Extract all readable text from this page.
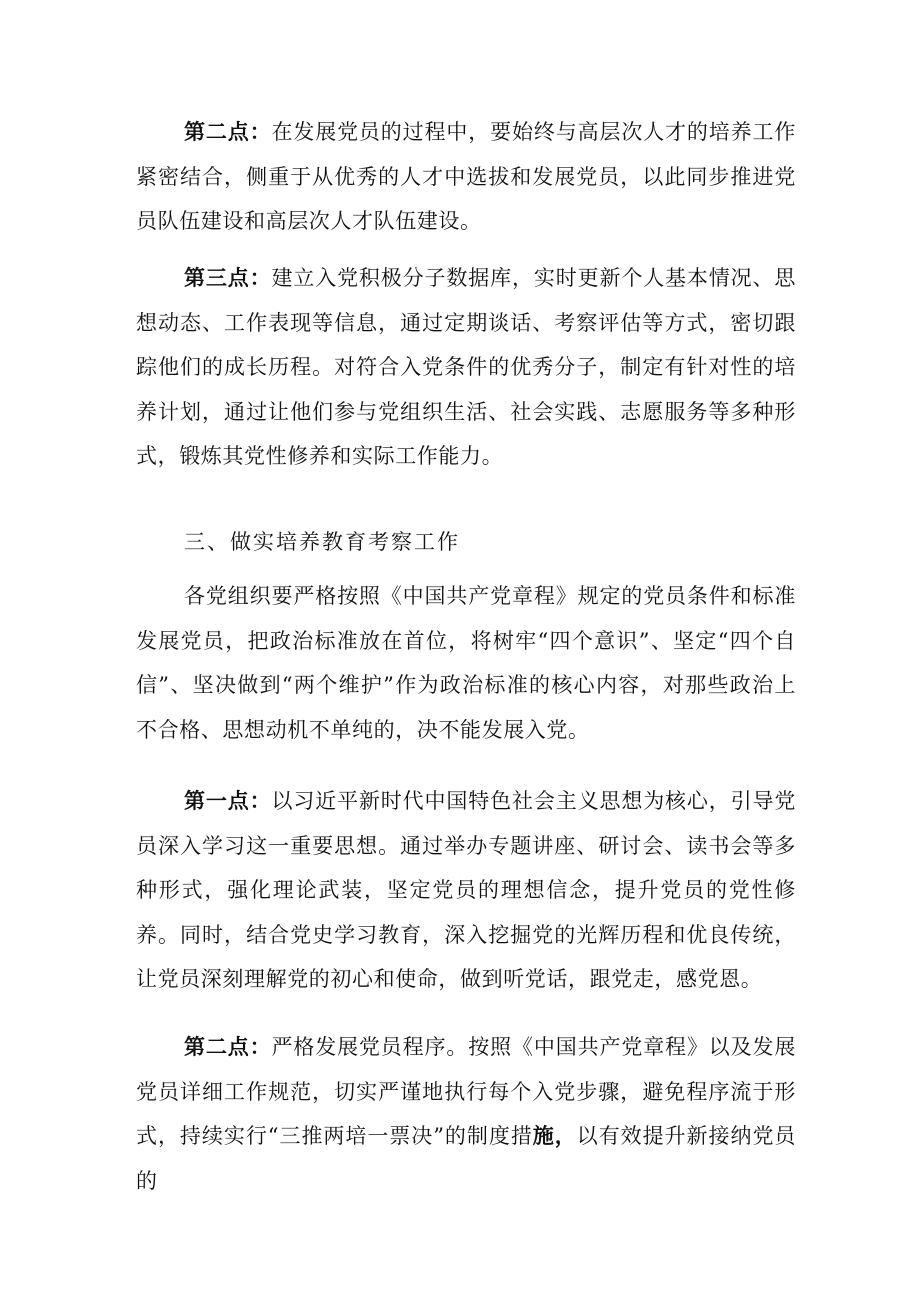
第二点：在发展党员的过程中，要始终与高层次人才的培养工作紧密结合，侧重于从优秀的人才中选拔和发展党员，以此同步推进党员队伍建设和高层次人才队伍建设。

第三点：建立入党积极分子数据库，实时更新个人基本情况、思想动态、工作表现等信息，通过定期谈话、考察评估等方式，密切跟踪他们的成长历程。对符合入党条件的优秀分子，制定有针对性的培养计划，通过让他们参与党组织生活、社会实践、志愿服务等多种形式，锻炼其党性修养和实际工作能力。

三、做实培养教育考察工作

各党组织要严格按照《中国共产党章程》规定的党员条件和标准发展党员，把政治标准放在首位，将树牢“四个意识”、坚定“四个自信”、坚决做到“两个维护”作为政治标准的核心内容，对那些政治上不合格、思想动机不单纯的，决不能发展入党。

第一点：以习近平新时代中国特色社会主义思想为核心，引导党员深入学习这一重要思想。通过举办专题讲座、研讨会、读书会等多种形式，强化理论武装，坚定党员的理想信念，提升党员的党性修养。同时，结合党史学习教育，深入挖掘党的光辉历程和优良传统，让党员深刻理解党的初心和使命，做到听党话，跟党走，感党恩。

第二点：严格发展党员程序。按照《中国共产党章程》以及发展党员详细工作规范，切实严谨地执行每个入党步骤，避免程序流于形式，持续实行“三推两培一票决”的制度措施，以有效提升新接纳党员的
